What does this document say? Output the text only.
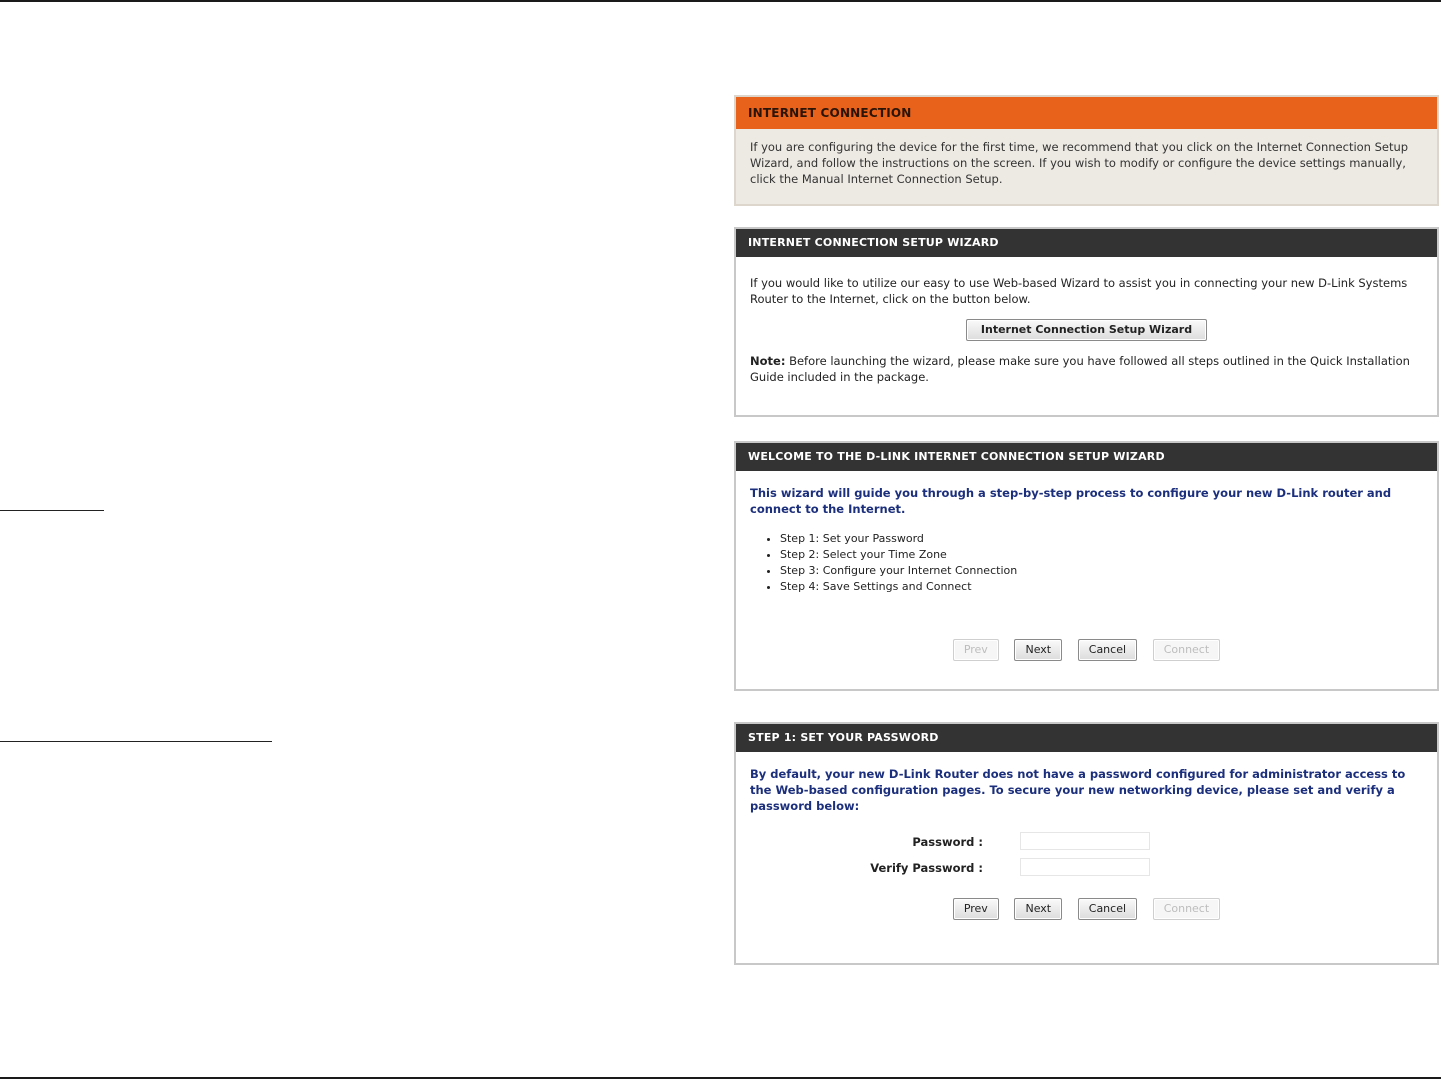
INTERNET CONNECTION

If you are configuring the device for the first time, we recommend that you click on the Internet Connection Setup Wizard, and follow the instructions on the screen. If you wish to modify or configure the device settings manually, click the Manual Internet Connection Setup.

INTERNET CONNECTION SETUP WIZARD

If you would like to utilize our easy to use Web-based Wizard to assist you in connecting your new D-Link Systems Router to the Internet, click on the button below.

Internet Connection Setup Wizard

Note: Before launching the wizard, please make sure you have followed all steps outlined in the Quick Installation Guide included in the package.

WELCOME TO THE D-LINK INTERNET CONNECTION SETUP WIZARD

This wizard will guide you through a step-by-step process to configure your new D-Link router and connect to the Internet.

• Step 1: Set your Password
• Step 2: Select your Time Zone
• Step 3: Configure your Internet Connection
• Step 4: Save Settings and Connect
Prev	Next	Cancel	Connect
STEP 1: SET YOUR PASSWORD

By default, your new D-Link Router does not have a password configured for administrator access to the Web-based configuration pages. To secure your new networking device, please set and verify a password below:

Password :
Verify Password :
Prev	Next	Cancel	Connect
